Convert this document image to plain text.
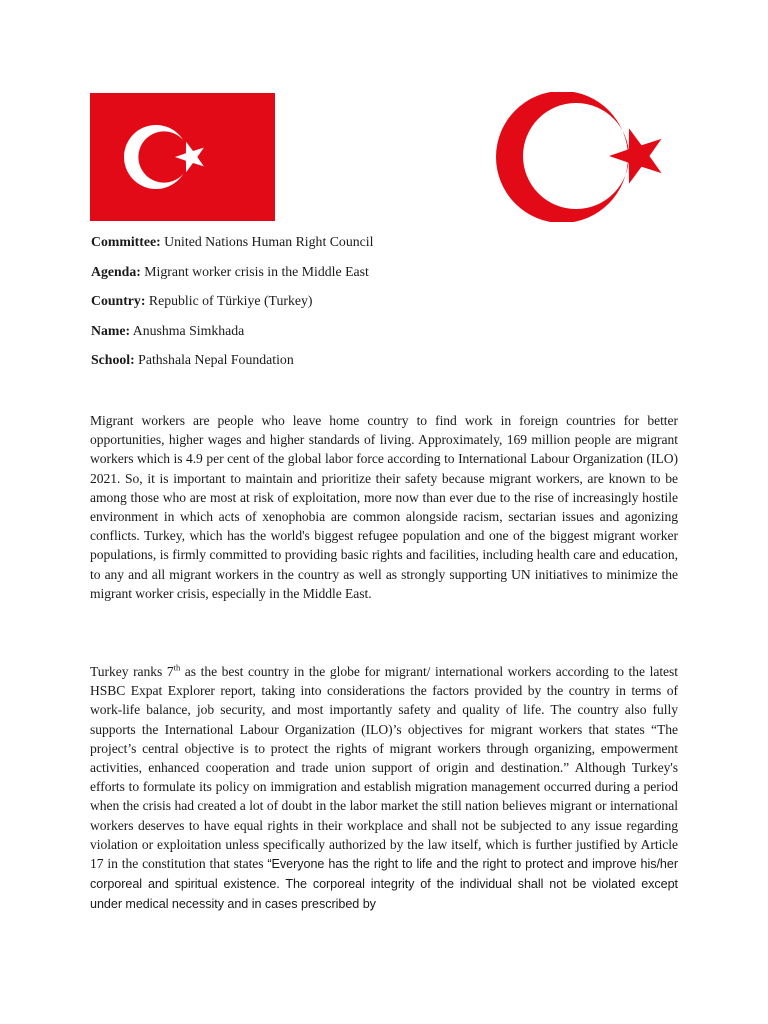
Committee: United Nations Human Right Council
Agenda: Migrant worker crisis in the Middle East
Country: Republic of Türkiye (Turkey)
Name: Anushma Simkhada
School: Pathshala Nepal Foundation

Migrant workers are people who leave home country to find work in foreign countries for better opportunities, higher wages and higher standards of living. Approximately, 169 million people are migrant workers which is 4.9 per cent of the global labor force according to International Labour Organization (ILO) 2021. So, it is important to maintain and prioritize their safety because migrant workers, are known to be among those who are most at risk of exploitation, more now than ever due to the rise of increasingly hostile environment in which acts of xenophobia are common alongside racism, sectarian issues and agonizing conflicts. Turkey, which has the world's biggest refugee population and one of the biggest migrant worker populations, is firmly committed to providing basic rights and facilities, including health care and education, to any and all migrant workers in the country as well as strongly supporting UN initiatives to minimize the migrant worker crisis, especially in the Middle East.

Turkey ranks 7th as the best country in the globe for migrant/ international workers according to the latest HSBC Expat Explorer report, taking into considerations the factors provided by the country in terms of work-life balance, job security, and most importantly safety and quality of life. The country also fully supports the International Labour Organization (ILO)’s objectives for migrant workers that states “The project’s central objective is to protect the rights of migrant workers through organizing, empowerment activities, enhanced cooperation and trade union support of origin and destination.” Although Turkey's efforts to formulate its policy on immigration and establish migration management occurred during a period when the crisis had created a lot of doubt in the labor market the still nation believes migrant or international workers deserves to have equal rights in their workplace and shall not be subjected to any issue regarding violation or exploitation unless specifically authorized by the law itself, which is further justified by Article 17 in the constitution that states “Everyone has the right to life and the right to protect and improve his/her corporeal and spiritual existence. The corporeal integrity of the individual shall not be violated except under medical necessity and in cases prescribed by
